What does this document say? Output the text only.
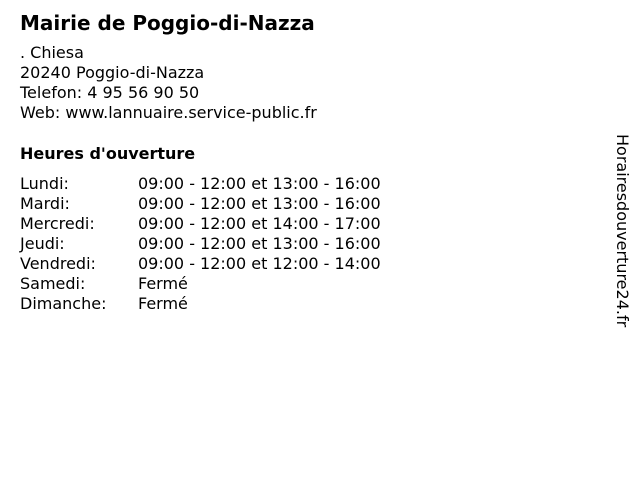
Mairie de Poggio-di-Nazza
. Chiesa
20240 Poggio-di-Nazza
Telefon: 4 95 56 90 50
Web: www.lannuaire.service-public.fr
Heures d'ouverture
Lundi:	09:00 - 12:00 et 13:00 - 16:00
Mardi:	09:00 - 12:00 et 13:00 - 16:00
Mercredi:	09:00 - 12:00 et 14:00 - 17:00
Jeudi:	09:00 - 12:00 et 13:00 - 16:00
Vendredi:	09:00 - 12:00 et 12:00 - 14:00
Samedi:	Fermé
Dimanche: Fermé	Horairesdouverture24.fr
